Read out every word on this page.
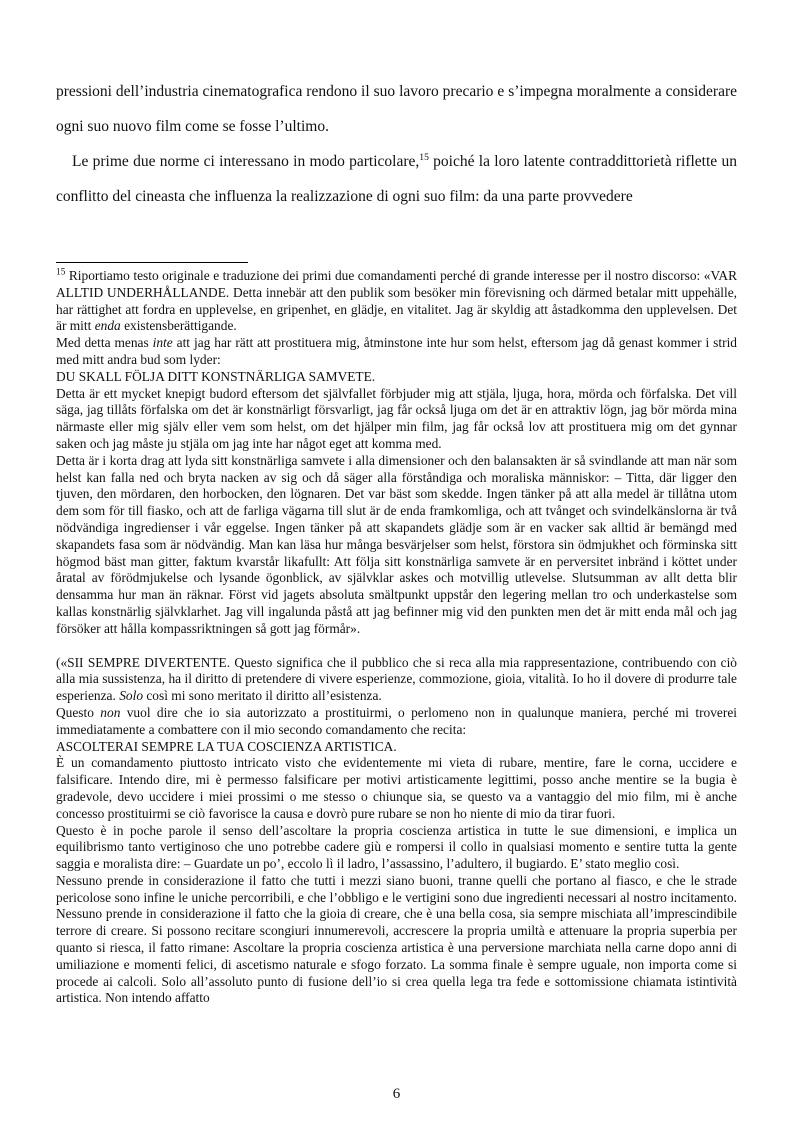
pressioni dell’industria cinematografica rendono il suo lavoro precario e s’impegna moralmente a considerare ogni suo nuovo film come se fosse l’ultimo.

Le prime due norme ci interessano in modo particolare,$^{15}$ poiché la loro latente contraddittorietà riflette un conflitto del cineasta che influenza la realizzazione di ogni suo film: da una parte provvedere

$^{15}$ Riportiamo testo originale e traduzione dei primi due comandamenti perché di grande interesse per il nostro discorso: «VAR ALLTID UNDERHÅLLANDE. Detta innebär att den publik som besöker min förevisning och därmed betalar mitt uppehälle, har rättighet att fordra en upplevelse, en gripenhet, en glädje, en vitalitet. Jag är skyldig att åstadkomma den upplevelsen. Det är mitt enda existensberättigande.

Med detta menas inte att jag har rätt att prostituera mig, åtminstone inte hur som helst, eftersom jag då genast kommer i strid med mitt andra bud som lyder:

DU SKALL FÖLJA DITT KONSTNÄRLIGA SAMVETE.

Detta är ett mycket knepigt budord eftersom det självfallet förbjuder mig att stjäla, ljuga, hora, mörda och förfalska. Det vill säga, jag tillåts förfalska om det är konstnärligt försvarligt, jag får också ljuga om det är en attraktiv lögn, jag bör mörda mina närmaste eller mig själv eller vem som helst, om det hjälper min film, jag får också lov att prostituera mig om det gynnar saken och jag måste ju stjäla om jag inte har något eget att komma med.

Detta är i korta drag att lyda sitt konstnärliga samvete i alla dimensioner och den balansakten är så svindlande att man när som helst kan falla ned och bryta nacken av sig och då säger alla förståndiga och moraliska människor: – Titta, där ligger den tjuven, den mördaren, den horbocken, den lögnaren. Det var bäst som skedde. Ingen tänker på att alla medel är tillåtna utom dem som för till fiasko, och att de farliga vägarna till slut är de enda framkomliga, och att tvånget och svindelkänslorna är två nödvändiga ingredienser i vår eggelse. Ingen tänker på att skapandets glädje som är en vacker sak alltid är bemängd med skapandets fasa som är nödvändig. Man kan läsa hur många besvärjelser som helst, förstora sin ödmjukhet och förminska sitt högmod bäst man gitter, faktum kvarstår likafullt: Att följa sitt konstnärliga samvete är en perversitet inbränd i köttet under åratal av förödmjukelse och lysande ögonblick, av självklar askes och motvillig utlevelse. Slutsumman av allt detta blir densamma hur man än räknar. Först vid jagets absoluta smältpunkt uppstår den legering mellan tro och underkastelse som kallas konstnärlig självklarhet. Jag vill ingalunda påstå att jag befinner mig vid den punkten men det är mitt enda mål och jag försöker att hålla kompassriktningen så gott jag förmår».

(«SII SEMPRE DIVERTENTE. Questo significa che il pubblico che si reca alla mia rappresentazione, contribuendo con ciò alla mia sussistenza, ha il diritto di pretendere di vivere esperienze, commozione, gioia, vitalità. Io ho il dovere di produrre tale esperienza. Solo così mi sono meritato il diritto all’esistenza.

Questo non vuol dire che io sia autorizzato a prostituirmi, o perlomeno non in qualunque maniera, perché mi troverei immediatamente a combattere con il mio secondo comandamento che recita:

ASCOLTERAI SEMPRE LA TUA COSCIENZA ARTISTICA.

È un comandamento piuttosto intricato visto che evidentemente mi vieta di rubare, mentire, fare le corna, uccidere e falsificare. Intendo dire, mi è permesso falsificare per motivi artisticamente legittimi, posso anche mentire se la bugia è gradevole, devo uccidere i miei prossimi o me stesso o chiunque sia, se questo va a vantaggio del mio film, mi è anche concesso prostituirmi se ciò favorisce la causa e dovrò pure rubare se non ho niente di mio da tirar fuori.

Questo è in poche parole il senso dell’ascoltare la propria coscienza artistica in tutte le sue dimensioni, e implica un equilibrismo tanto vertiginoso che uno potrebbe cadere giù e rompersi il collo in qualsiasi momento e sentire tutta la gente saggia e moralista dire: – Guardate un po’, eccolo lì il ladro, l’assassino, l’adultero, il bugiardo. E’ stato meglio così.

Nessuno prende in considerazione il fatto che tutti i mezzi siano buoni, tranne quelli che portano al fiasco, e che le strade pericolose sono infine le uniche percorribili, e che l’obbligo e le vertigini sono due ingredienti necessari al nostro incitamento. Nessuno prende in considerazione il fatto che la gioia di creare, che è una bella cosa, sia sempre mischiata all’imprescindibile terrore di creare. Si possono recitare scongiuri innumerevoli, accrescere la propria umiltà e attenuare la propria superbia per quanto si riesca, il fatto rimane: Ascoltare la propria coscienza artistica è una perversione marchiata nella carne dopo anni di umiliazione e momenti felici, di ascetismo naturale e sfogo forzato. La somma finale è sempre uguale, non importa come si procede ai calcoli. Solo all’assoluto punto di fusione dell’io si crea quella lega tra fede e sottomissione chiamata istintività artistica. Non intendo affatto

6
